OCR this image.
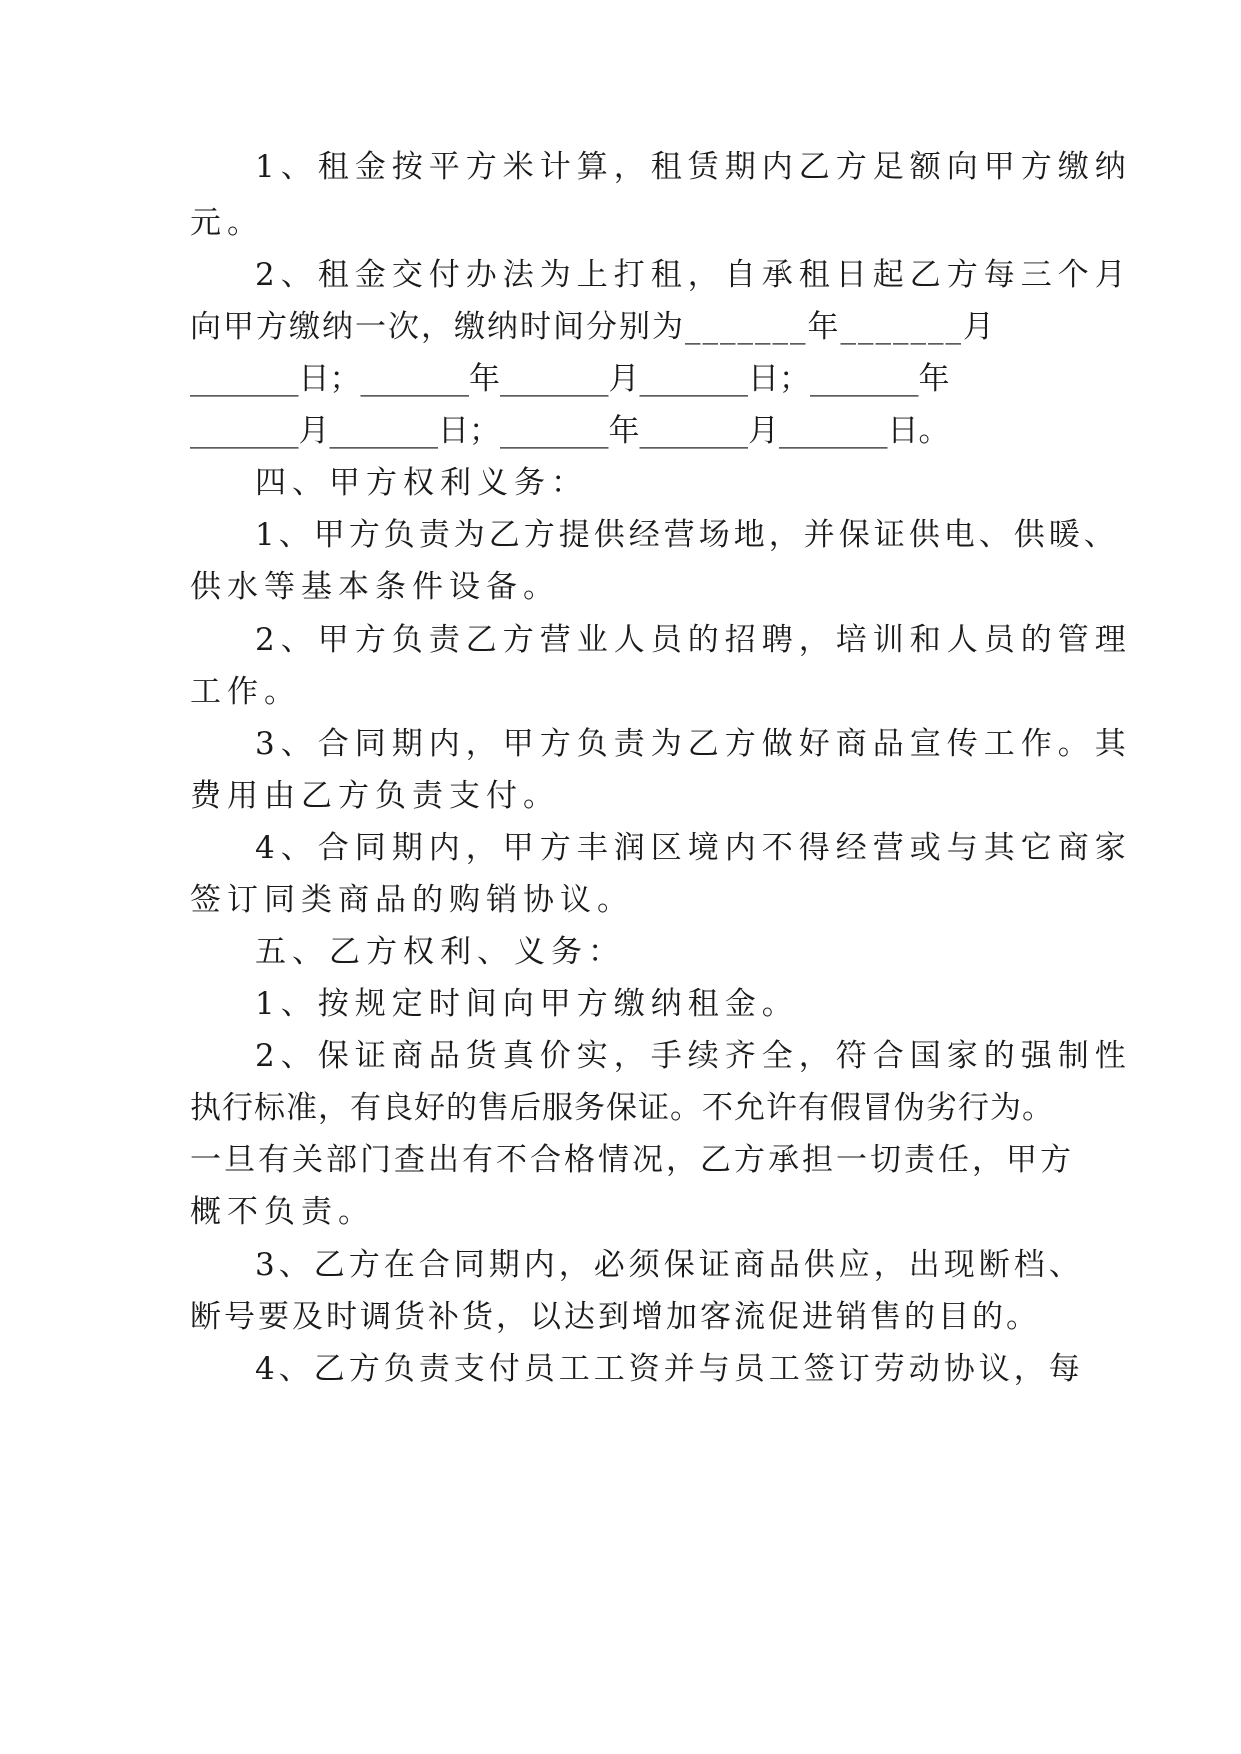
1、租金按平方米计算，租赁期内乙方足额向甲方缴纳
元。
2、租金交付办法为上打租，自承租日起乙方每三个月
向甲方缴纳一次，缴纳时间分别为_______年_______月
_______日；_______年_______月_______日；_______年
_______月_______日；_______年_______月_______日。
四、甲方权利义务：
1、甲方负责为乙方提供经营场地，并保证供电、供暖、
供水等基本条件设备。
2、甲方负责乙方营业人员的招聘，培训和人员的管理
工作。
3、合同期内，甲方负责为乙方做好商品宣传工作。其
费用由乙方负责支付。
4、合同期内，甲方丰润区境内不得经营或与其它商家
签订同类商品的购销协议。
五、乙方权利、义务：
1、按规定时间向甲方缴纳租金。
2、保证商品货真价实，手续齐全，符合国家的强制性
执行标准，有良好的售后服务保证。不允许有假冒伪劣行为。
一旦有关部门查出有不合格情况，乙方承担一切责任，甲方
概不负责。
3、乙方在合同期内，必须保证商品供应，出现断档、
断号要及时调货补货，以达到增加客流促进销售的目的。
4、乙方负责支付员工工资并与员工签订劳动协议，每
